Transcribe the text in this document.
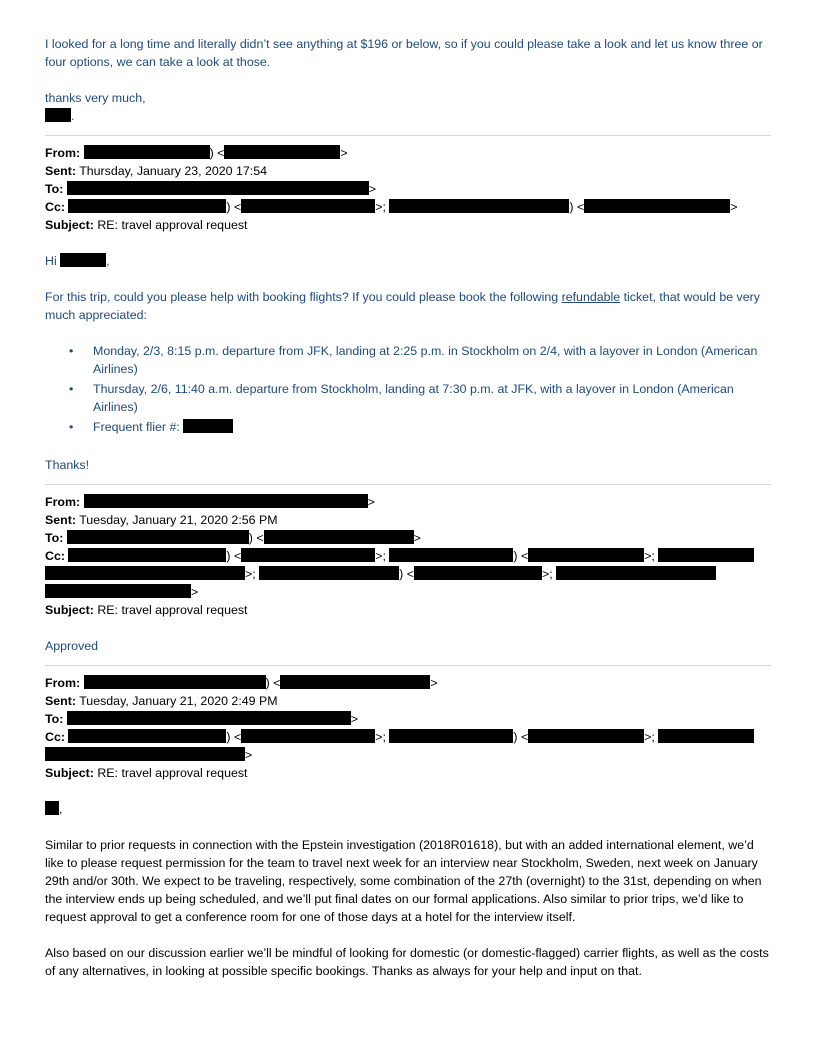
I looked for a long time and literally didn’t see anything at $196 or below, so if you could please take a look and let us know three or four options, we can take a look at those.

thanks very much,

.

From:	) <	>
Sent: Thursday, January 23, 2020 17:54
To:	>
Cc:	) <	>;	) <	>
Subject: RE: travel approval request

Hi	,

For this trip, could you please help with booking flights? If you could please book the following refundable ticket, that would be very much appreciated:

• Monday, 2/3, 8:15 p.m. departure from JFK, landing at 2:25 p.m. in Stockholm on 2/4, with a layover in London (American Airlines)
• Thursday, 2/6, 11:40 a.m. departure from Stockholm, landing at 7:30 p.m. at JFK, with a layover in London (American Airlines)
• Frequent flier #:

Thanks!

From:	>
Sent: Tuesday, January 21, 2020 2:56 PM
To:	) <	>
Cc:	) <	>;	) <	>;
>;	) <	>;
>
Subject: RE: travel approval request

Approved

From:	) <	>
Sent: Tuesday, January 21, 2020 2:49 PM
To:	>
Cc:	) <	>;	) <	>;
>
Subject: RE: travel approval request

,

Similar to prior requests in connection with the Epstein investigation (2018R01618), but with an added international element, we’d like to please request permission for the team to travel next week for an interview near Stockholm, Sweden, next week on January 29th and/or 30th. We expect to be traveling, respectively, some combination of the 27th (overnight) to the 31st, depending on when the interview ends up being scheduled, and we’ll put final dates on our formal applications. Also similar to prior trips, we’d like to request approval to get a conference room for one of those days at a hotel for the interview itself.

Also based on our discussion earlier we’ll be mindful of looking for domestic (or domestic-flagged) carrier flights, as well as the costs of any alternatives, in looking at possible specific bookings. Thanks as always for your help and input on that.
